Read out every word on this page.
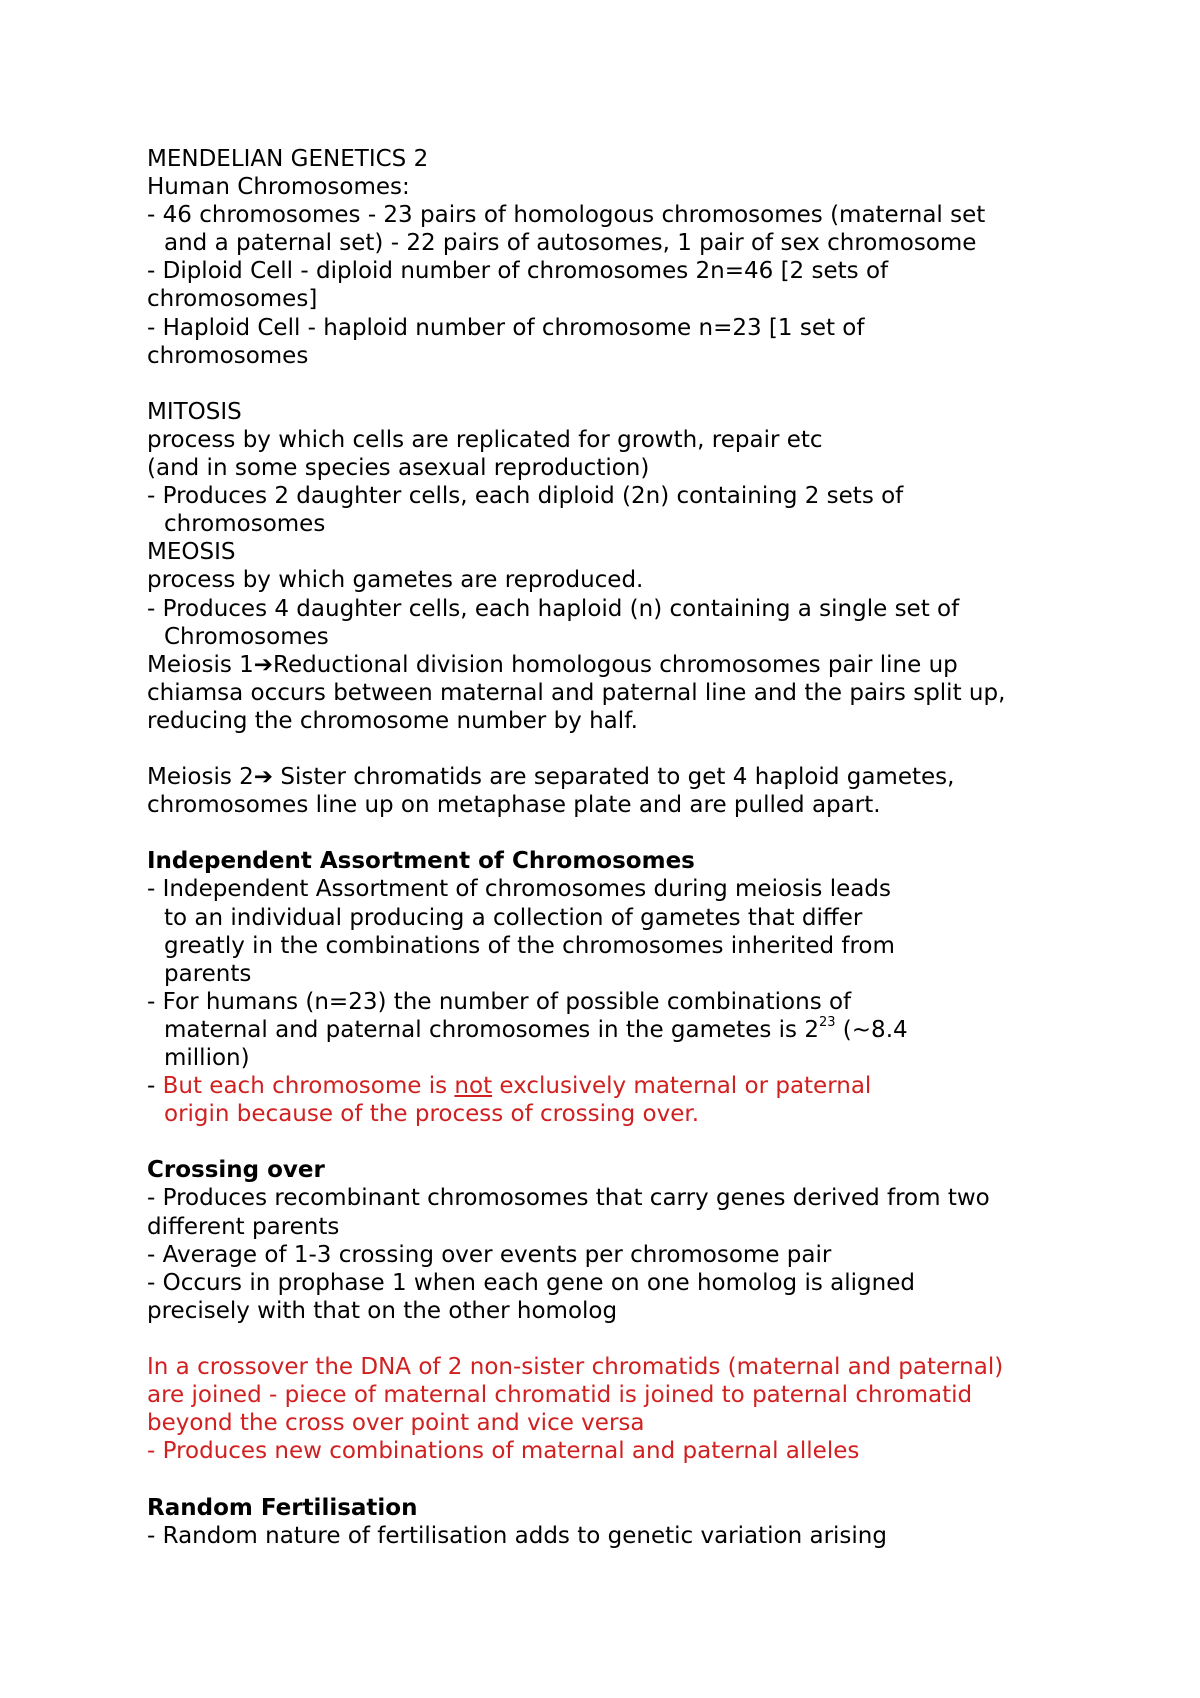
MENDELIAN GENETICS 2
Human Chromosomes:
- 46 chromosomes - 23 pairs of homologous chromosomes (maternal set
and a paternal set) - 22 pairs of autosomes, 1 pair of sex chromosome
- Diploid Cell - diploid number of chromosomes 2n=46 [2 sets of
chromosomes]
- Haploid Cell - haploid number of chromosome n=23 [1 set of
chromosomes
MITOSIS
process by which cells are replicated for growth, repair etc
(and in some species asexual reproduction)
- Produces 2 daughter cells, each diploid (2n) containing 2 sets of
chromosomes
MEOSIS
process by which gametes are reproduced.
- Produces 4 daughter cells, each haploid (n) containing a single set of
Chromosomes
Meiosis 1➔Reductional division homologous chromosomes pair line up
chiamsa occurs between maternal and paternal line and the pairs split up,
reducing the chromosome number by half.
Meiosis 2➔ Sister chromatids are separated to get 4 haploid gametes,
chromosomes line up on metaphase plate and are pulled apart.
Independent Assortment of Chromosomes
- Independent Assortment of chromosomes during meiosis leads
to an individual producing a collection of gametes that differ
greatly in the combinations of the chromosomes inherited from
parents
- For humans (n=23) the number of possible combinations of
maternal and paternal chromosomes in the gametes is $2^{23}$ (~8.4
million)
- But each chromosome is not exclusively maternal or paternal
origin because of the process of crossing over.
Crossing over
- Produces recombinant chromosomes that carry genes derived from two
different parents
- Average of 1-3 crossing over events per chromosome pair
- Occurs in prophase 1 when each gene on one homolog is aligned
precisely with that on the other homolog
In a crossover the DNA of 2 non-sister chromatids (maternal and paternal)
are joined - piece of maternal chromatid is joined to paternal chromatid
beyond the cross over point and vice versa
- Produces new combinations of maternal and paternal alleles
Random Fertilisation
- Random nature of fertilisation adds to genetic variation arising
